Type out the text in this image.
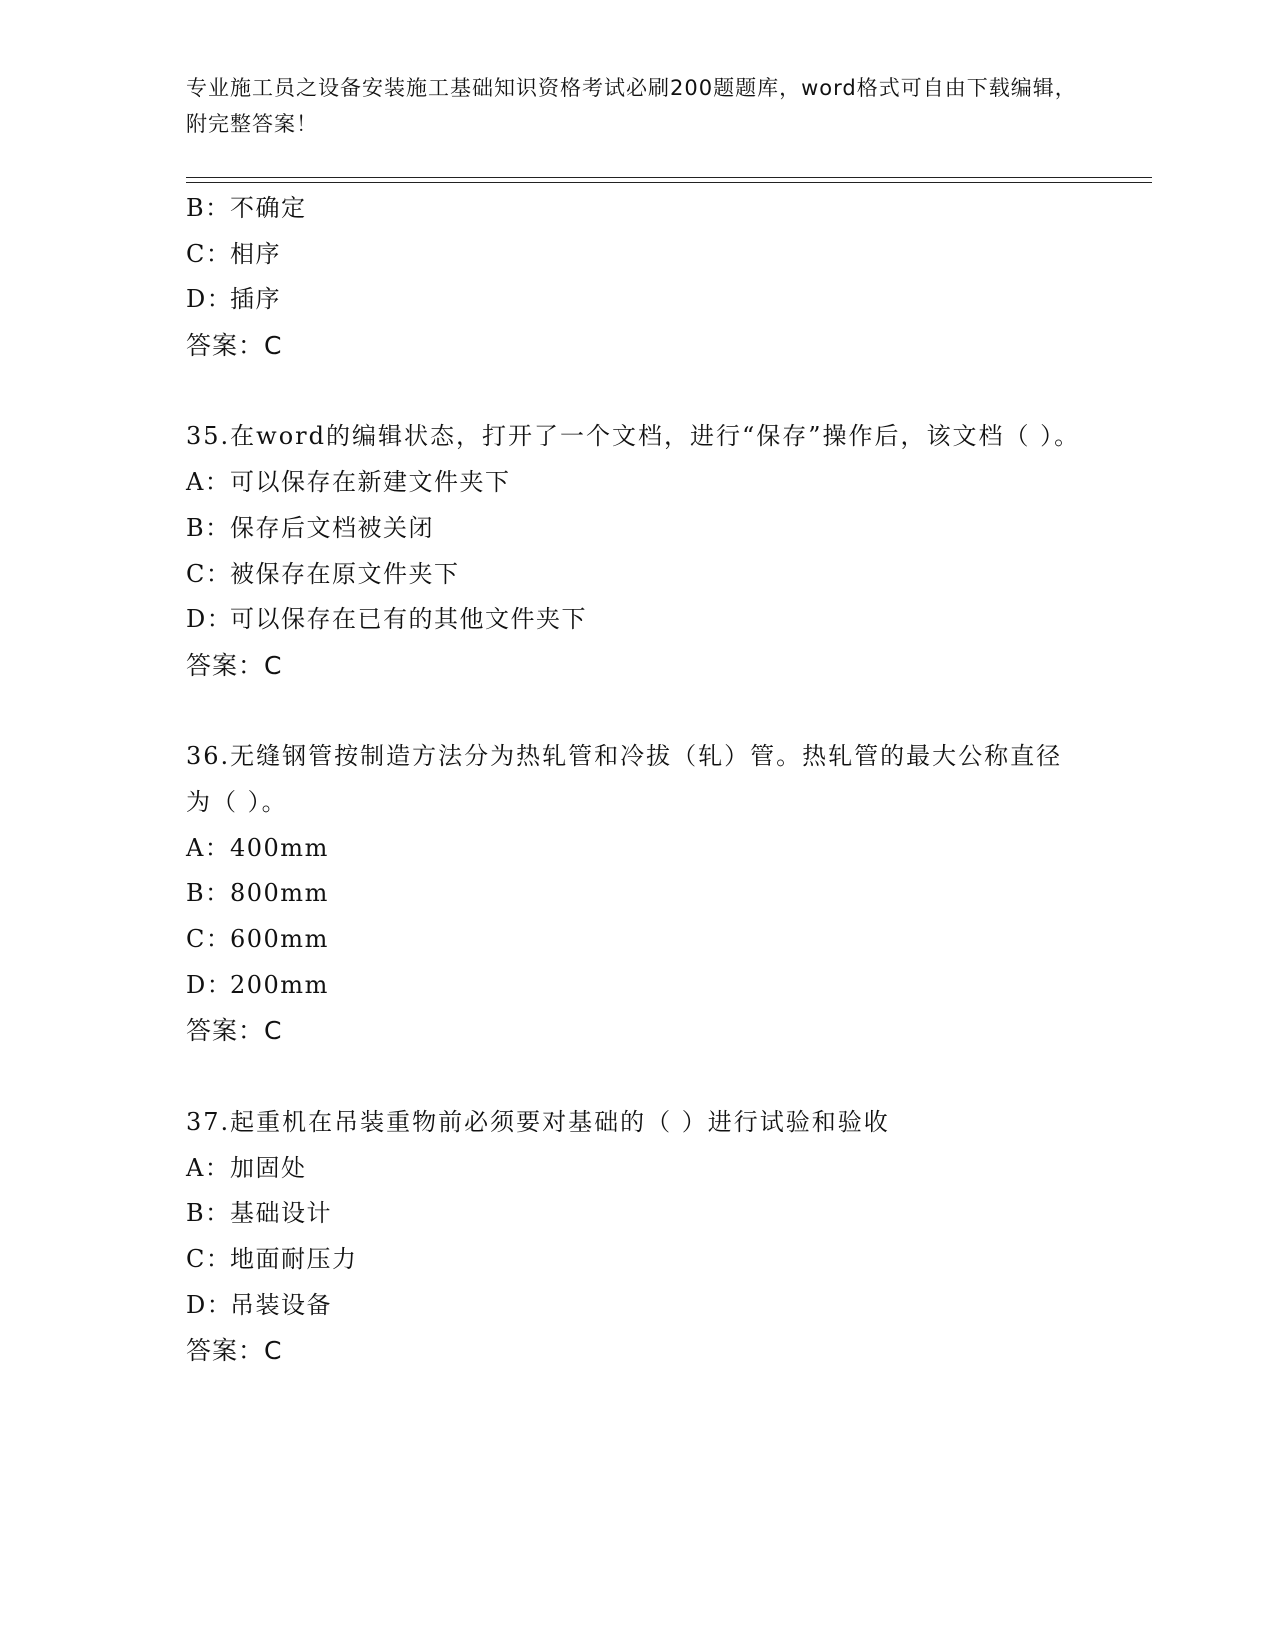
专业施工员之设备安装施工基础知识资格考试必刷200题题库，word格式可自由下载编辑，附完整答案！
B：不确定
C：相序
D：插序
答案：C
35.在word的编辑状态，打开了一个文档，进行“保存”操作后，该文档（ ）。
A：可以保存在新建文件夹下
B：保存后文档被关闭
C：被保存在原文件夹下
D：可以保存在已有的其他文件夹下
答案：C
36.无缝钢管按制造方法分为热轧管和冷拔（轧）管。热轧管的最大公称直径为（ ）。
A：400mm
B：800mm
C：600mm
D：200mm
答案：C
37.起重机在吊装重物前必须要对基础的（ ）进行试验和验收
A：加固处
B：基础设计
C：地面耐压力
D：吊装设备
答案：C
